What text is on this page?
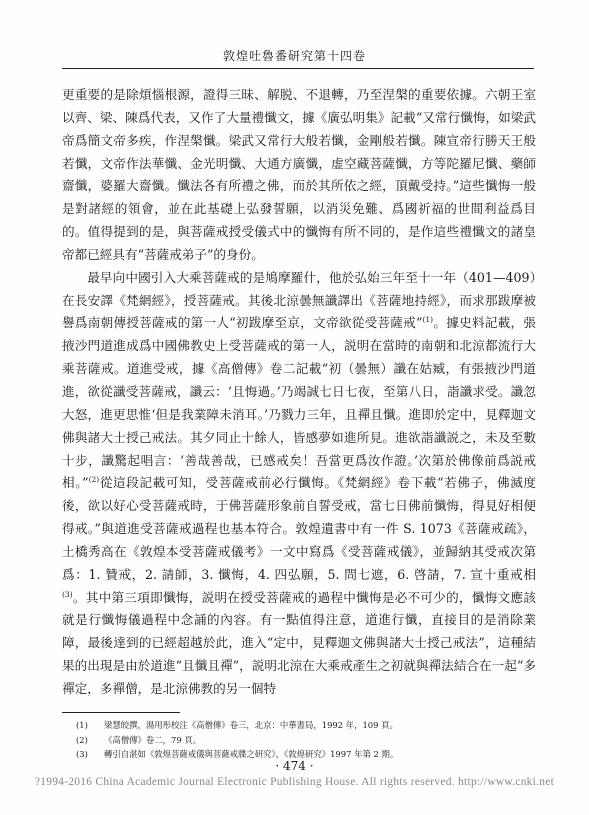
敦煌吐魯番研究第十四卷

更重要的是除煩惱根源，證得三昧、解脱、不退轉，乃至涅槃的重要依據。六朝王室以齊、梁、陳爲代表，又作了大量禮懺文，據《廣弘明集》記載“又常行懺悔，如梁武帝爲簡文帝多疾，作涅槃懺。梁武又常行大般若懺，金剛般若懺。陳宣帝行勝天王般若懺，文帝作法華懺、金光明懺、大通方廣懺，虚空藏菩薩懺，方等陀羅尼懺、藥師齋懺，婆羅大齋懺。懺法各有所禮之佛，而於其所依之經，頂戴受持。”這些懺悔一般是對諸經的領會，並在此基礎上弘發誓願，以消災免難、爲國祈福的世間利益爲目的。值得提到的是，與菩薩戒授受儀式中的懺悔有所不同的，是作這些禮懺文的諸皇帝都已經具有“菩薩戒弟子”的身份。

最早向中國引入大乘菩薩戒的是鳩摩羅什，他於弘始三年至十一年（401—409）在長安譯《梵網經》，授菩薩戒。其後北涼曇無讖譯出《菩薩地持經》，而求那跋摩被譽爲南朝傳授菩薩戒的第一人“初跋摩至京，文帝欲從受菩薩戒”$^{(1)}$。據史料記載，張掖沙門道進成爲中國佛教史上受菩薩戒的第一人，説明在當時的南朝和北涼都流行大乘菩薩戒。道進受戒，據《高僧傳》卷二記載“初（曇無）讖在姑臧，有張掖沙門道進，欲從讖受菩薩戒，讖云：‘且悔過。’乃竭誠七日七夜，至第八日，詣讖求受。讖忽大怒，進更思惟‘但是我業障未消耳。’乃戮力三年，且禪且懺。進即於定中，見釋迦文佛與諸大士授己戒法。其夕同止十餘人，皆感夢如進所見。進欲詣讖説之，未及至數十步，讖驚起唱言：‘善哉善哉，已感戒矣！吾當更爲汝作證。’次第於佛像前爲説戒相。”$^{(2)}$從這段記載可知，受菩薩戒前必行懺悔。《梵網經》卷下載“若佛子，佛滅度後，欲以好心受菩薩戒時，于佛菩薩形象前自誓受戒，當七日佛前懺悔，得見好相便得戒。”與道進受菩薩戒過程也基本符合。敦煌遺書中有一件 S. 1073《菩薩戒疏》，土橋秀高在《敦煌本受菩薩戒儀考》一文中寫爲《受菩薩戒儀》，並歸納其受戒次第爲：1. 贊戒，2. 請師，3. 懺悔，4. 四弘願，5. 問七遮，6. 啓請，7. 宣十重戒相$^{(3)}$。其中第三項即懺悔，説明在授受菩薩戒的過程中懺悔是必不可少的，懺悔文應該就是行懺悔儀過程中念誦的內容。有一點值得注意，道進行懺，直接目的是消除業障，最後達到的已經超越於此，進入“定中，見釋迦文佛與諸大士授己戒法”，這種結果的出現是由於道進“且懺且禪”，説明北涼在大乘戒產生之初就與禪法結合在一起“多禪定，多禪僧，是北涼佛教的另一個特

(1)	梁慧皎撰，湯用彤校注《高僧傳》卷三，北京：中華書局，1992 年，109 頁。
(2)	《高僧傳》卷二，79 頁。
(3)	轉引自湛如《敦煌菩薩戒儀與菩薩戒牒之研究》，《敦煌研究》1997 年第 2 期。
· 474 ·
?1994-2016 China Academic Journal Electronic Publishing House. All rights reserved. http://www.cnki.net
